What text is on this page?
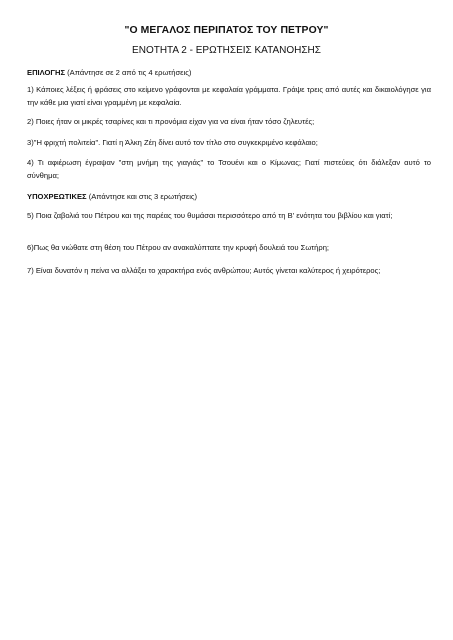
"Ο ΜΕΓΑΛΟΣ ΠΕΡΙΠΑΤΟΣ ΤΟΥ ΠΕΤΡΟΥ"
ΕΝΟΤΗΤΑ 2 - ΕΡΩΤΗΣΕΙΣ ΚΑΤΑΝΟΗΣΗΣ
ΕΠΙΛΟΓΗΣ (Απάντησε σε 2 από τις 4 ερωτήσεις)
1) Κάποιες λέξεις ή φράσεις στο κείμενο γράφονται με κεφαλαία γράμματα. Γράψε τρεις από αυτές και δικαιολόγησε για την κάθε μια γιατί είναι γραμμένη με κεφαλαία.
2) Ποιες ήταν οι μικρές τσαρίνες και τι προνόμια είχαν για να είναι ήταν τόσο ζηλευτές;
3)"Η φριχτή πολιτεία". Γιατί η Άλκη Ζέη δίνει αυτό τον τίτλο στο συγκεκριμένο κεφάλαιο;
4) Τι αφιέρωση έγραψαν "στη μνήμη της γιαγιάς" το Τσουένι και ο Κίμωνας; Γιατί πιστεύεις ότι διάλεξαν αυτό το σύνθημα;
ΥΠΟΧΡΕΩΤΙΚΕΣ (Απάντησε και στις 3 ερωτήσεις)
5) Ποια ζαβολιά του Πέτρου και της παρέας του θυμάσαι περισσότερο από τη Β' ενότητα του βιβλίου και γιατί;
6)Πως θα νιώθατε στη θέση του Πέτρου αν ανακαλύπτατε την κρυφή δουλειά του Σωτήρη;
7) Είναι δυνατόν η πείνα να αλλάξει το χαρακτήρα ενός ανθρώπου; Αυτός γίνεται καλύτερος ή χειρότερος;
